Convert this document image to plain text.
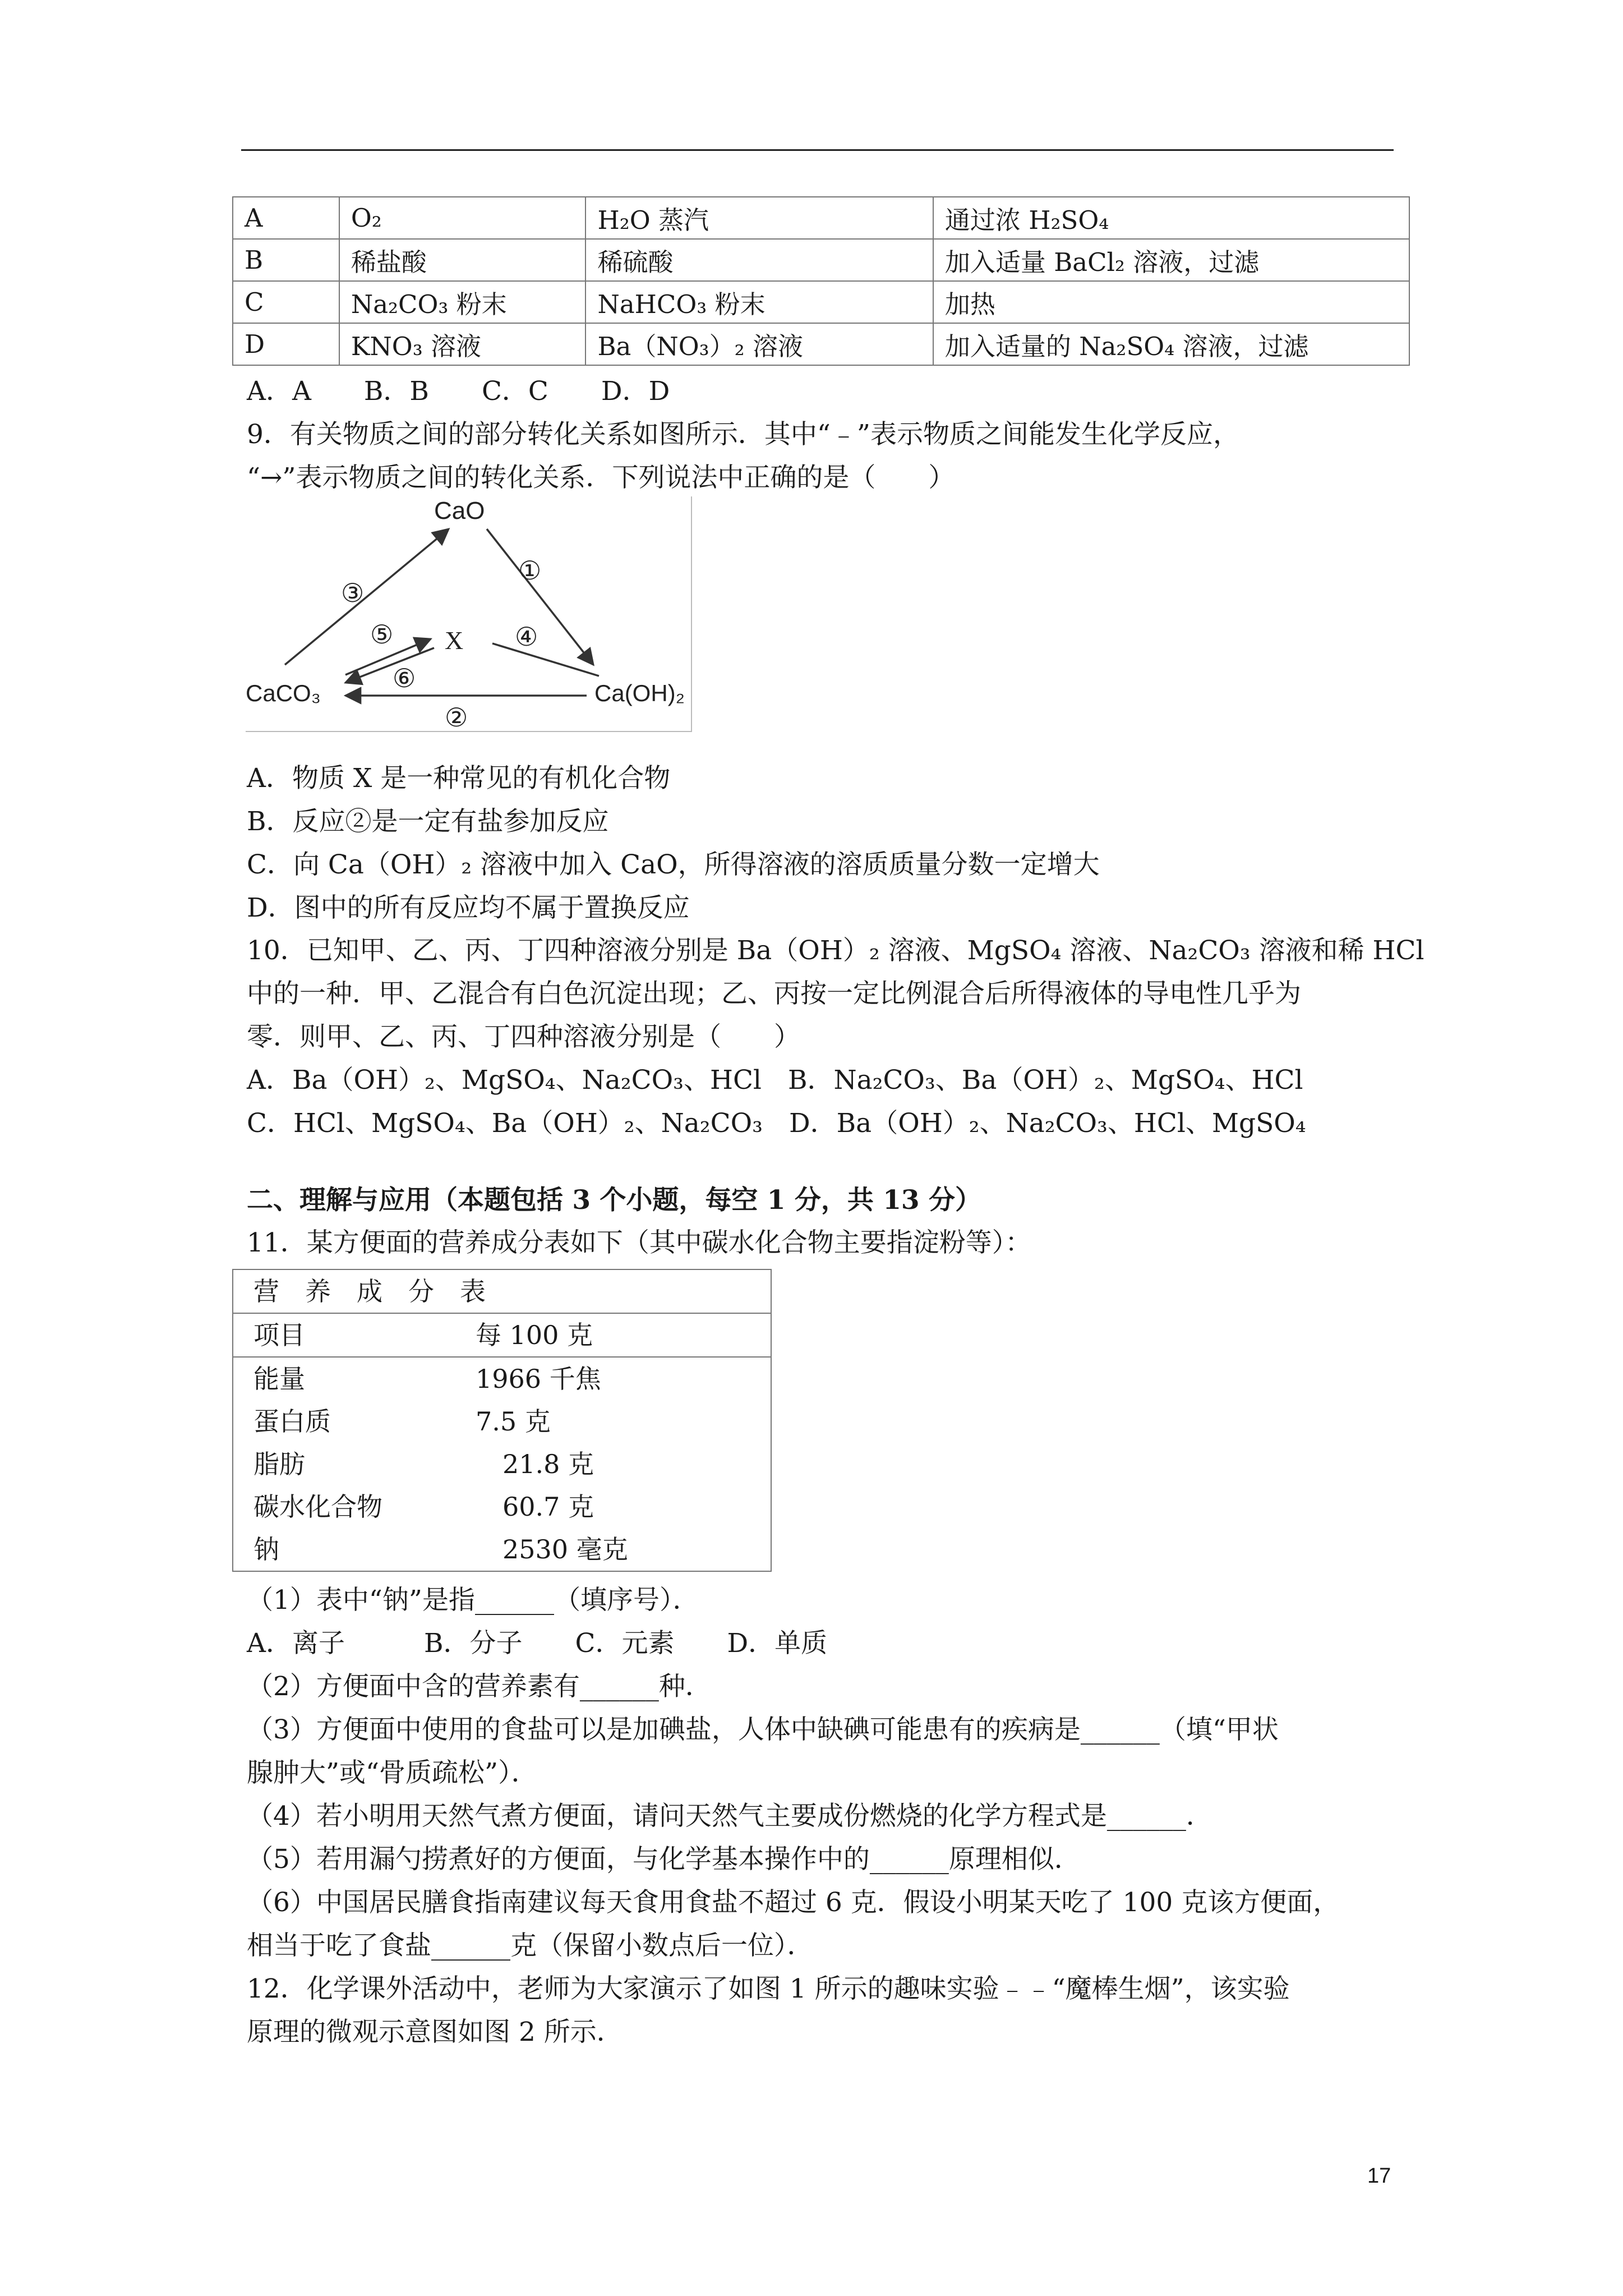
A	O₂	H₂O 蒸汽	通过浓 H₂SO₄
B	稀盐酸	稀硫酸	加入适量 BaCl₂ 溶液，过滤
C	Na₂CO₃ 粉末	NaHCO₃ 粉末	加热
D	KNO₃ 溶液	Ba（NO₃）₂ 溶液	加入适量的 Na₂SO₄ 溶液，过滤
A．A　　B．B　　C．C　　D．D
9．有关物质之间的部分转化关系如图所示．其中“﹣”表示物质之间能发生化学反应，
“→”表示物质之间的转化关系．下列说法中正确的是（　　）
CaO
X
CaCO₃	Ca(OH)₂
①
②
③
④
⑤
⑥
A．物质 X 是一种常见的有机化合物
B．反应②是一定有盐参加反应
C．向 Ca（OH）₂ 溶液中加入 CaO，所得溶液的溶质质量分数一定增大
D．图中的所有反应均不属于置换反应
10．已知甲、乙、丙、丁四种溶液分别是 Ba（OH）₂ 溶液、MgSO₄ 溶液、Na₂CO₃ 溶液和稀 HCl
中的一种．甲、乙混合有白色沉淀出现；乙、丙按一定比例混合后所得液体的导电性几乎为
零．则甲、乙、丙、丁四种溶液分别是（　　）
A．Ba（OH）₂、MgSO₄、Na₂CO₃、HCl　B．Na₂CO₃、Ba（OH）₂、MgSO₄、HCl
C．HCl、MgSO₄、Ba（OH）₂、Na₂CO₃　D．Ba（OH）₂、Na₂CO₃、HCl、MgSO₄
二、理解与应用（本题包括 3 个小题，每空 1 分，共 13 分）
11．某方便面的营养成分表如下（其中碳水化合物主要指淀粉等）：
营　养　成　分　表
项目	每 100 克
能量	1966 千焦
蛋白质	7.5 克
脂肪	21.8 克
碳水化合物	60.7 克
钠	2530 毫克
（1）表中“钠”是指______（填序号）．
A．离子　　　B．分子　　C．元素　　D．单质
（2）方便面中含的营养素有______种．
（3）方便面中使用的食盐可以是加碘盐，人体中缺碘可能患有的疾病是______（填“甲状
腺肿大”或“骨质疏松”）．
（4）若小明用天然气煮方便面，请问天然气主要成份燃烧的化学方程式是______．
（5）若用漏勺捞煮好的方便面，与化学基本操作中的______原理相似．
（6）中国居民膳食指南建议每天食用食盐不超过 6 克．假设小明某天吃了 100 克该方便面，
相当于吃了食盐______克（保留小数点后一位）．
12．化学课外活动中，老师为大家演示了如图 1 所示的趣味实验﹣﹣“魔棒生烟”，该实验
原理的微观示意图如图 2 所示．
17
